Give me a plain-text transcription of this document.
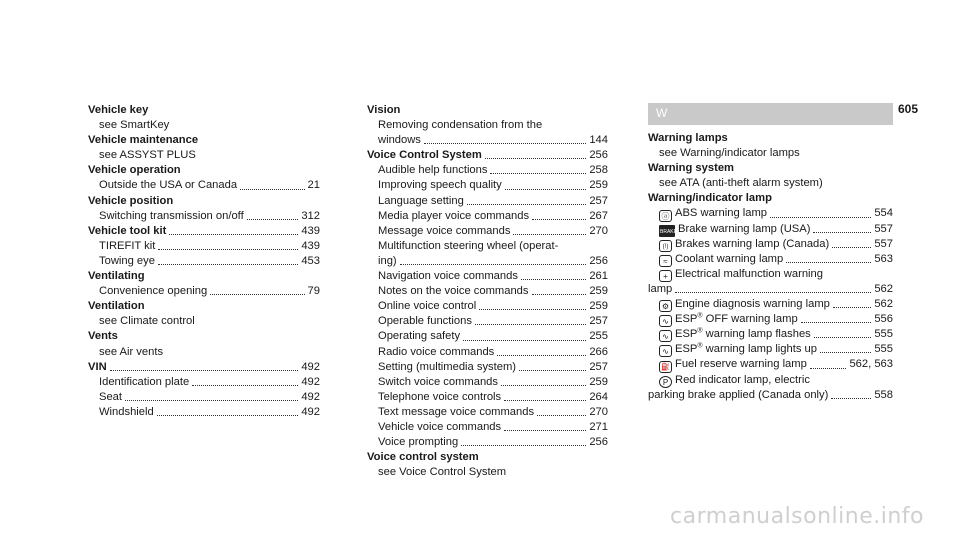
605
Vehicle key
see SmartKey
Vehicle maintenance
see ASSYST PLUS
Vehicle operation
Outside the USA or Canada	21
Vehicle position
Switching transmission on/off	312
Vehicle tool kit	439
TIREFIT kit	439
Towing eye	453
Ventilating
Convenience opening	79
Ventilation
see Climate control
Vents
see Air vents
VIN	492
Identification plate	492
Seat	492
Windshield	492
Vision
Removing condensation from the
windows	144
Voice Control System	256
Audible help functions	258
Improving speech quality	259
Language setting	257
Media player voice commands	267
Message voice commands	270
Multifunction steering wheel (operat-
ing)	256
Navigation voice commands	261
Notes on the voice commands	259
Online voice control	259
Operable functions	257
Operating safety	255
Radio voice commands	266
Setting (multimedia system)	257
Switch voice commands	259
Telephone voice controls	264
Text message voice commands	270
Vehicle voice commands	271
Voice prompting	256
Voice control system
see Voice Control System
W
Warning lamps
see Warning/indicator lamps
Warning system
see ATA (anti-theft alarm system)
Warning/indicator lamp
ⓐ ABS warning lamp	554
BRAKE Brake warning lamp (USA)	557
(!) Brakes warning lamp (Canada)	557
≈ Coolant warning lamp	563
+ Electrical malfunction warning
lamp	562
⚙ Engine diagnosis warning lamp	562
∿ ESP® OFF warning lamp	556
∿ ESP® warning lamp flashes	555
∿ ESP® warning lamp lights up	555
⛽ Fuel reserve warning lamp	562, 563
P Red indicator lamp, electric
parking brake applied (Canada only)	558
carmanualsonline.info
